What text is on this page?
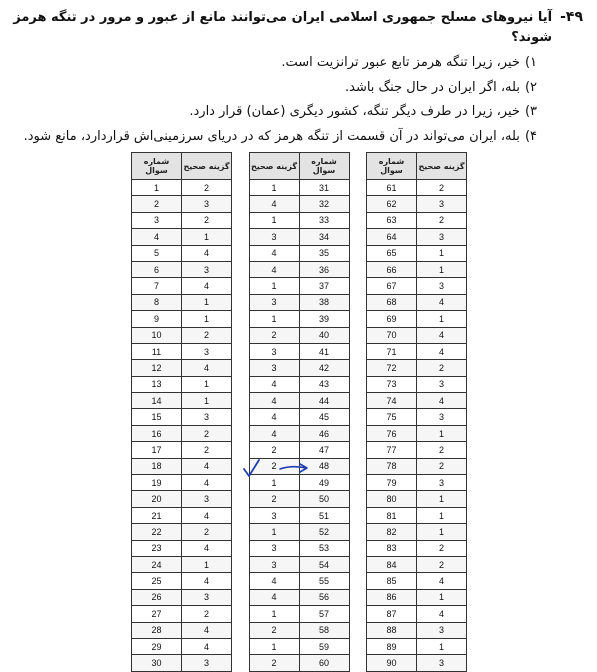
۴۹-
آیا نیروهای مسلح جمهوری اسلامی ایران می‌توانند مانع از عبور و مرور در تنگه هرمز شوند؟
۱)خیر، زیرا تنگه هرمز تابع عبور ترانزیت است.
۲)بله، اگر ایران در حال جنگ باشد.
۳)خیر، زیرا در طرف دیگر تنگه، کشور دیگری (عمان) قرار دارد.
۴)بله، ایران می‌تواند در آن قسمت از تنگه هرمز که در دریای سرزمینی‌اش قراردارد، مانع شود.
شماره سوال	گزینه صحیح
1	2
2	3
3	2
4	1
5	4
6	3
7	4
8	1
9	1
10	2
11	3
12	4
13	1
14	1
15	3
16	2
17	2
18	4
19	4
20	3
21	4
22	2
23	4
24	1
25	4
26	3
27	2
28	4
29	4
30	3
گزینه صحیح	شماره سوال
1	31
4	32
1	33
3	34
4	35
4	36
1	37
3	38
1	39
2	40
3	41
3	42
4	43
4	44
4	45
4	46
2	47
2	48
1	49
2	50
3	51
1	52
3	53
3	54
4	55
4	56
1	57
2	58
1	59
2	60
شماره سوال	گزینه صحیح
61	2
62	3
63	2
64	3
65	1
66	1
67	3
68	4
69	1
70	4
71	4
72	2
73	3
74	4
75	3
76	1
77	2
78	2
79	3
80	1
81	1
82	1
83	2
84	2
85	4
86	1
87	4
88	3
89	1
90	3
